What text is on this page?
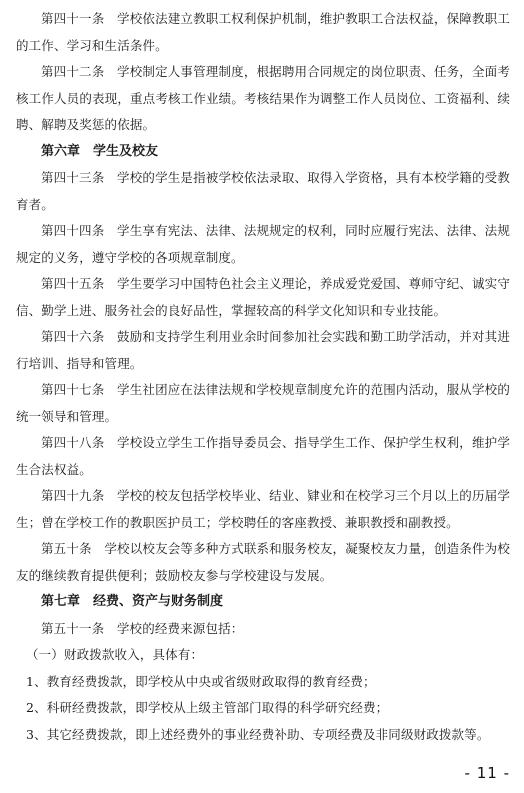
第四十一条　学校依法建立教职工权利保护机制，维护教职工合法权益，保障教职工的工作、学习和生活条件。

第四十二条　学校制定人事管理制度，根据聘用合同规定的岗位职责、任务，全面考核工作人员的表现，重点考核工作业绩。考核结果作为调整工作人员岗位、工资福利、续聘、解聘及奖惩的依据。

第六章　学生及校友

第四十三条　学校的学生是指被学校依法录取、取得入学资格，具有本校学籍的受教育者。

第四十四条　学生享有宪法、法律、法规规定的权利，同时应履行宪法、法律、法规规定的义务，遵守学校的各项规章制度。

第四十五条　学生要学习中国特色社会主义理论，养成爱党爱国、尊师守纪、诚实守信、勤学上进、服务社会的良好品性，掌握较高的科学文化知识和专业技能。

第四十六条　鼓励和支持学生利用业余时间参加社会实践和勤工助学活动，并对其进行培训、指导和管理。

第四十七条　学生社团应在法律法规和学校规章制度允许的范围内活动，服从学校的统一领导和管理。

第四十八条　学校设立学生工作指导委员会、指导学生工作、保护学生权利，维护学生合法权益。

第四十九条　学校的校友包括学校毕业、结业、肄业和在校学习三个月以上的历届学生；曾在学校工作的教职医护员工；学校聘任的客座教授、兼职教授和副教授。

第五十条　学校以校友会等多种方式联系和服务校友，凝聚校友力量，创造条件为校友的继续教育提供便利；鼓励校友参与学校建设与发展。

第七章　经费、资产与财务制度

第五十一条　学校的经费来源包括：

（一）财政拨款收入，具体有：

1、教育经费拨款，即学校从中央或省级财政取得的教育经费；

2、科研经费拨款，即学校从上级主管部门取得的科学研究经费；

3、其它经费拨款，即上述经费外的事业经费补助、专项经费及非同级财政拨款等。

- 11 -
